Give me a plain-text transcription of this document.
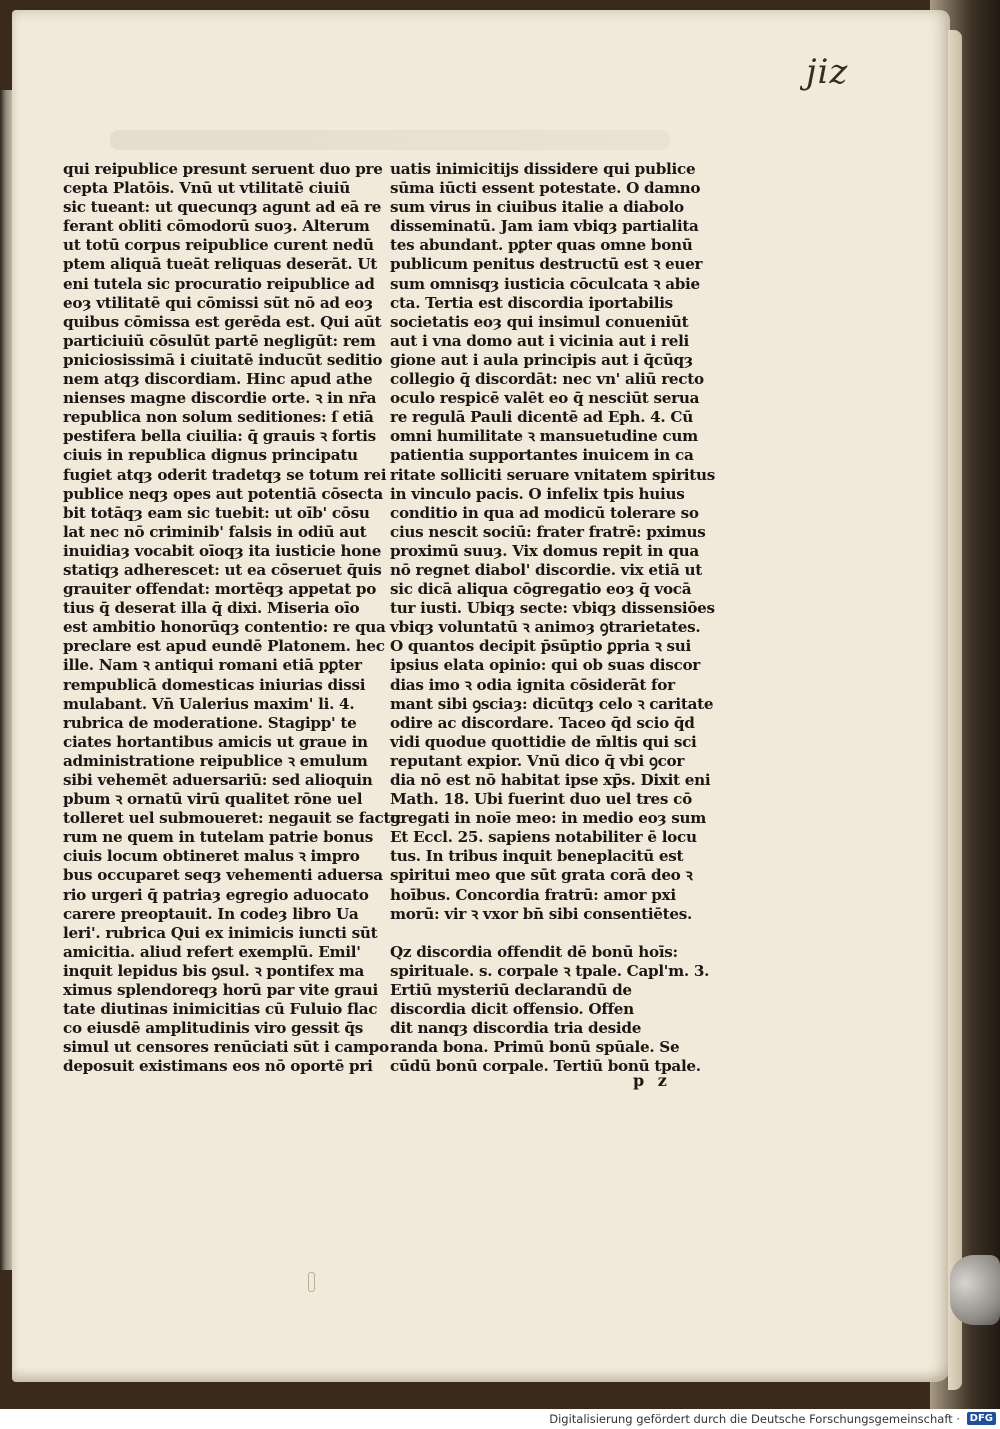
jiz
qui reipublice presunt seruent duo pre
cepta Platōis. Vnū ut vtilitatē ciuiū
sic tueant: ut quecunqȝ agunt ad eā re
ferant obliti cōmodorū suoȝ. Alterum
ut totū corpus reipublice curent nedū
ptem aliquā tueāt reliquas deserāt. Ut
eni tutela sic procuratio reipublice ad
eoȝ vtilitatē qui cōmissi sūt nō ad eoȝ
quibus cōmissa est gerēda est. Qui aūt
particiuiū cōsulūt partē negligūt: rem
pniciosissimā i ciuitatē inducūt seditio
nem atqȝ discordiam. Hinc apud athe
nienses magne discordie orte. ꝛ in nr̄a
republica non solum seditiones: ſ etiā
pestifera bella ciuilia: q̄ grauis ꝛ fortis
ciuis in republica dignus principatu
fugiet atqȝ oderit tradetqȝ se totum rei
publice neqȝ opes aut potentiā cōsecta
bit totāqȝ eam sic tuebit: ut oīb' cōsu
lat nec nō criminib' falsis in odiū aut
inuidiaȝ vocabit oīoqȝ ita iusticie hone
statiqȝ adherescet: ut ea cōseruet q̄uis
grauiter offendat: mortēqȝ appetat po
tius q̄ deserat illa q̄ dixi. Miseria oīo
est ambitio honorūqȝ contentio: re qua
preclare est apud eundē Platonem. hec
ille. Nam ꝛ antiqui romani etiā pꝑter
rempublicā domesticas iniurias dissi
mulabant. Vn̄ Ualerius maxim' li. 4.
rubrica de moderatione. Stagipp' te
ciates hortantibus amicis ut graue in
administratione reipublice ꝛ emulum
sibi vehemēt aduersariū: sed alioquin
pbum ꝛ ornatū virū qualitet rōne uel
tolleret uel submoueret: negauit se factu
rum ne quem in tutelam patrie bonus
ciuis locum obtineret malus ꝛ impro
bus occuparet seqȝ vehementi aduersa
rio urgeri q̄ patriaȝ egregio aduocato
carere preoptauit. In codeȝ libro Ua
leri'. rubrica Qui ex inimicis iuncti sūt
amicitia. aliud refert exemplū. Emil'
inquit lepidus bis ꝯsul. ꝛ pontifex ma
ximus splendoreqȝ horū par vite graui
tate diutinas inimicitias cū Fuluio flac
co eiusdē amplitudinis viro gessit q̄s
simul ut censores renūciati sūt i campo
deposuit existimans eos nō oportē pri
uatis inimicitijs dissidere qui publice
sūma iūcti essent potestate. O damno
sum virus in ciuibus italie a diabolo
disseminatū. Jam iam vbiqȝ partialita
tes abundant. pꝑter quas omne bonū
publicum penitus destructū est ꝛ euer
sum omnisqȝ iusticia cōculcata ꝛ abie
cta. Tertia est discordia iportabilis
societatis eoȝ qui insimul conueniūt
aut i vna domo aut i vicinia aut i reli
gione aut i aula principis aut i q̄cūqȝ
collegio q̄ discordāt: nec vn' aliū recto
oculo respicē valēt eo q̄ nesciūt serua
re regulā Pauli dicentē ad Eph. 4. Cū
omni humilitate ꝛ mansuetudine cum
patientia supportantes inuicem in ca
ritate solliciti seruare vnitatem spiritus
in vinculo pacis. O infelix tpis huius
conditio in qua ad modicū tolerare so
cius nescit sociū: frater fratrē: pximus
proximū suuȝ. Vix domus repit in qua
nō regnet diabol' discordie. vix etiā ut
sic dicā aliqua cōgregatio eoȝ q̄ vocā
tur iusti. Ubiqȝ secte: vbiqȝ dissensiōes
vbiqȝ voluntatū ꝛ animoȝ ꝯtrarietates.
O quantos decipit p̄sūptio ꝑpria ꝛ sui
ipsius elata opinio: qui ob suas discor
dias imo ꝛ odia ignita cōsiderāt for
mant sibi ꝯsciaȝ: dicūtqȝ celo ꝛ caritate
odire ac discordare. Taceo q̄d scio q̄d
vidi quodue quottidie de m̄ltis qui sci
reputant expior. Vnū dico q̄ vbi ꝯcor
dia nō est nō habitat ipse xp̄s. Dixit eni
Math. 18. Ubi fuerint duo uel tres cō
gregati in noīe meo: in medio eoȝ sum
Et Eccl. 25. sapiens notabiliter ē locu
tus. In tribus inquit beneplacitū est
spiritui meo que sūt grata corā deo ꝛ
hoībus. Concordia fratrū: amor pxi
morū: vir ꝛ vxor bn̄ sibi consentiētes.
Qz discordia offendit dē bonū hoīs:
spirituale. s. corpale ꝛ tpale. Capl'm. 3.
Ertiū mysteriū declarandū de
discordia dicit offensio. Offen
dit nanqȝ discordia tria deside
randa bona. Primū bonū spūale. Se
cūdū bonū corpale. Tertiū bonū tpale.
p z
Digitalisierung gefördert durch die Deutsche Forschungsgemeinschaft · DFG
